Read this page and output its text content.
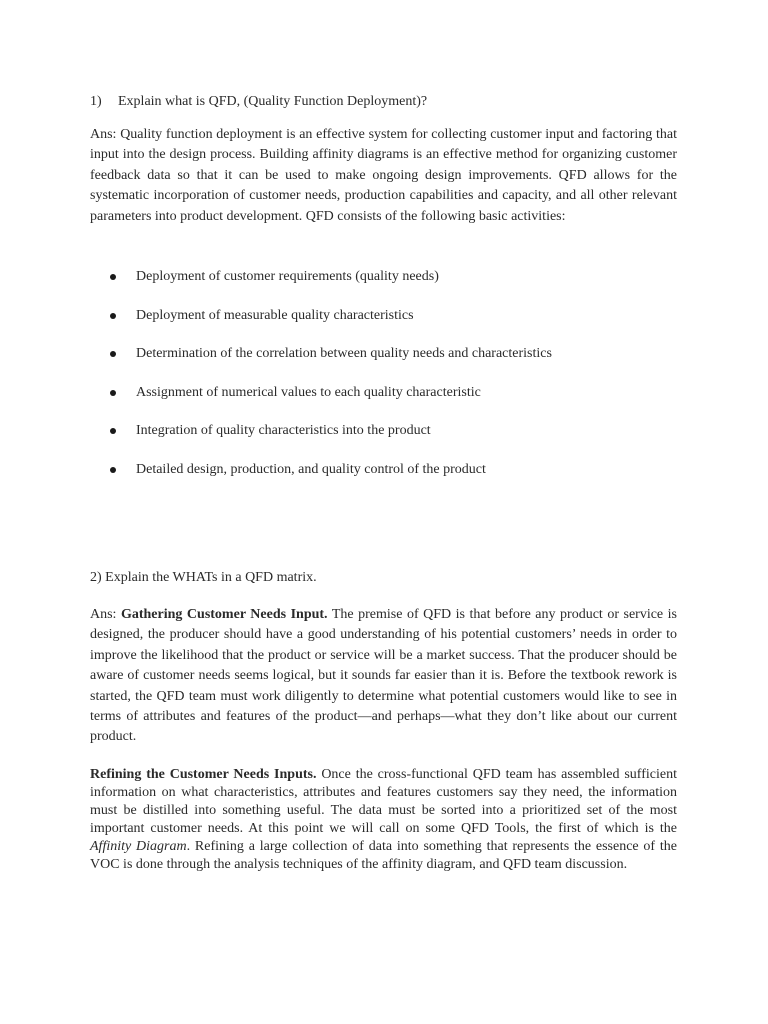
1) Explain what is QFD, (Quality Function Deployment)?
Ans: Quality function deployment is an effective system for collecting customer input and factoring that input into the design process. Building affinity diagrams is an effective method for organizing customer feedback data so that it can be used to make ongoing design improvements. QFD allows for the systematic incorporation of customer needs, production capabilities and capacity, and all other relevant parameters into product development. QFD consists of the following basic activities:
Deployment of customer requirements (quality needs)
Deployment of measurable quality characteristics
Determination of the correlation between quality needs and characteristics
Assignment of numerical values to each quality characteristic
Integration of quality characteristics into the product
Detailed design, production, and quality control of the product
2) Explain the WHATs in a QFD matrix.
Ans: Gathering Customer Needs Input. The premise of QFD is that before any product or service is designed, the producer should have a good understanding of his potential customers’ needs in order to improve the likelihood that the product or service will be a market success. That the producer should be aware of customer needs seems logical, but it sounds far easier than it is. Before the textbook rework is started, the QFD team must work diligently to determine what potential customers would like to see in terms of attributes and features of the product—and perhaps—what they don’t like about our current product.
Refining the Customer Needs Inputs. Once the cross-functional QFD team has assembled sufficient information on what characteristics, attributes and features customers say they need, the information must be distilled into something useful. The data must be sorted into a prioritized set of the most important customer needs. At this point we will call on some QFD Tools, the first of which is the Affinity Diagram. Refining a large collection of data into something that represents the essence of the VOC is done through the analysis techniques of the affinity diagram, and QFD team discussion.
